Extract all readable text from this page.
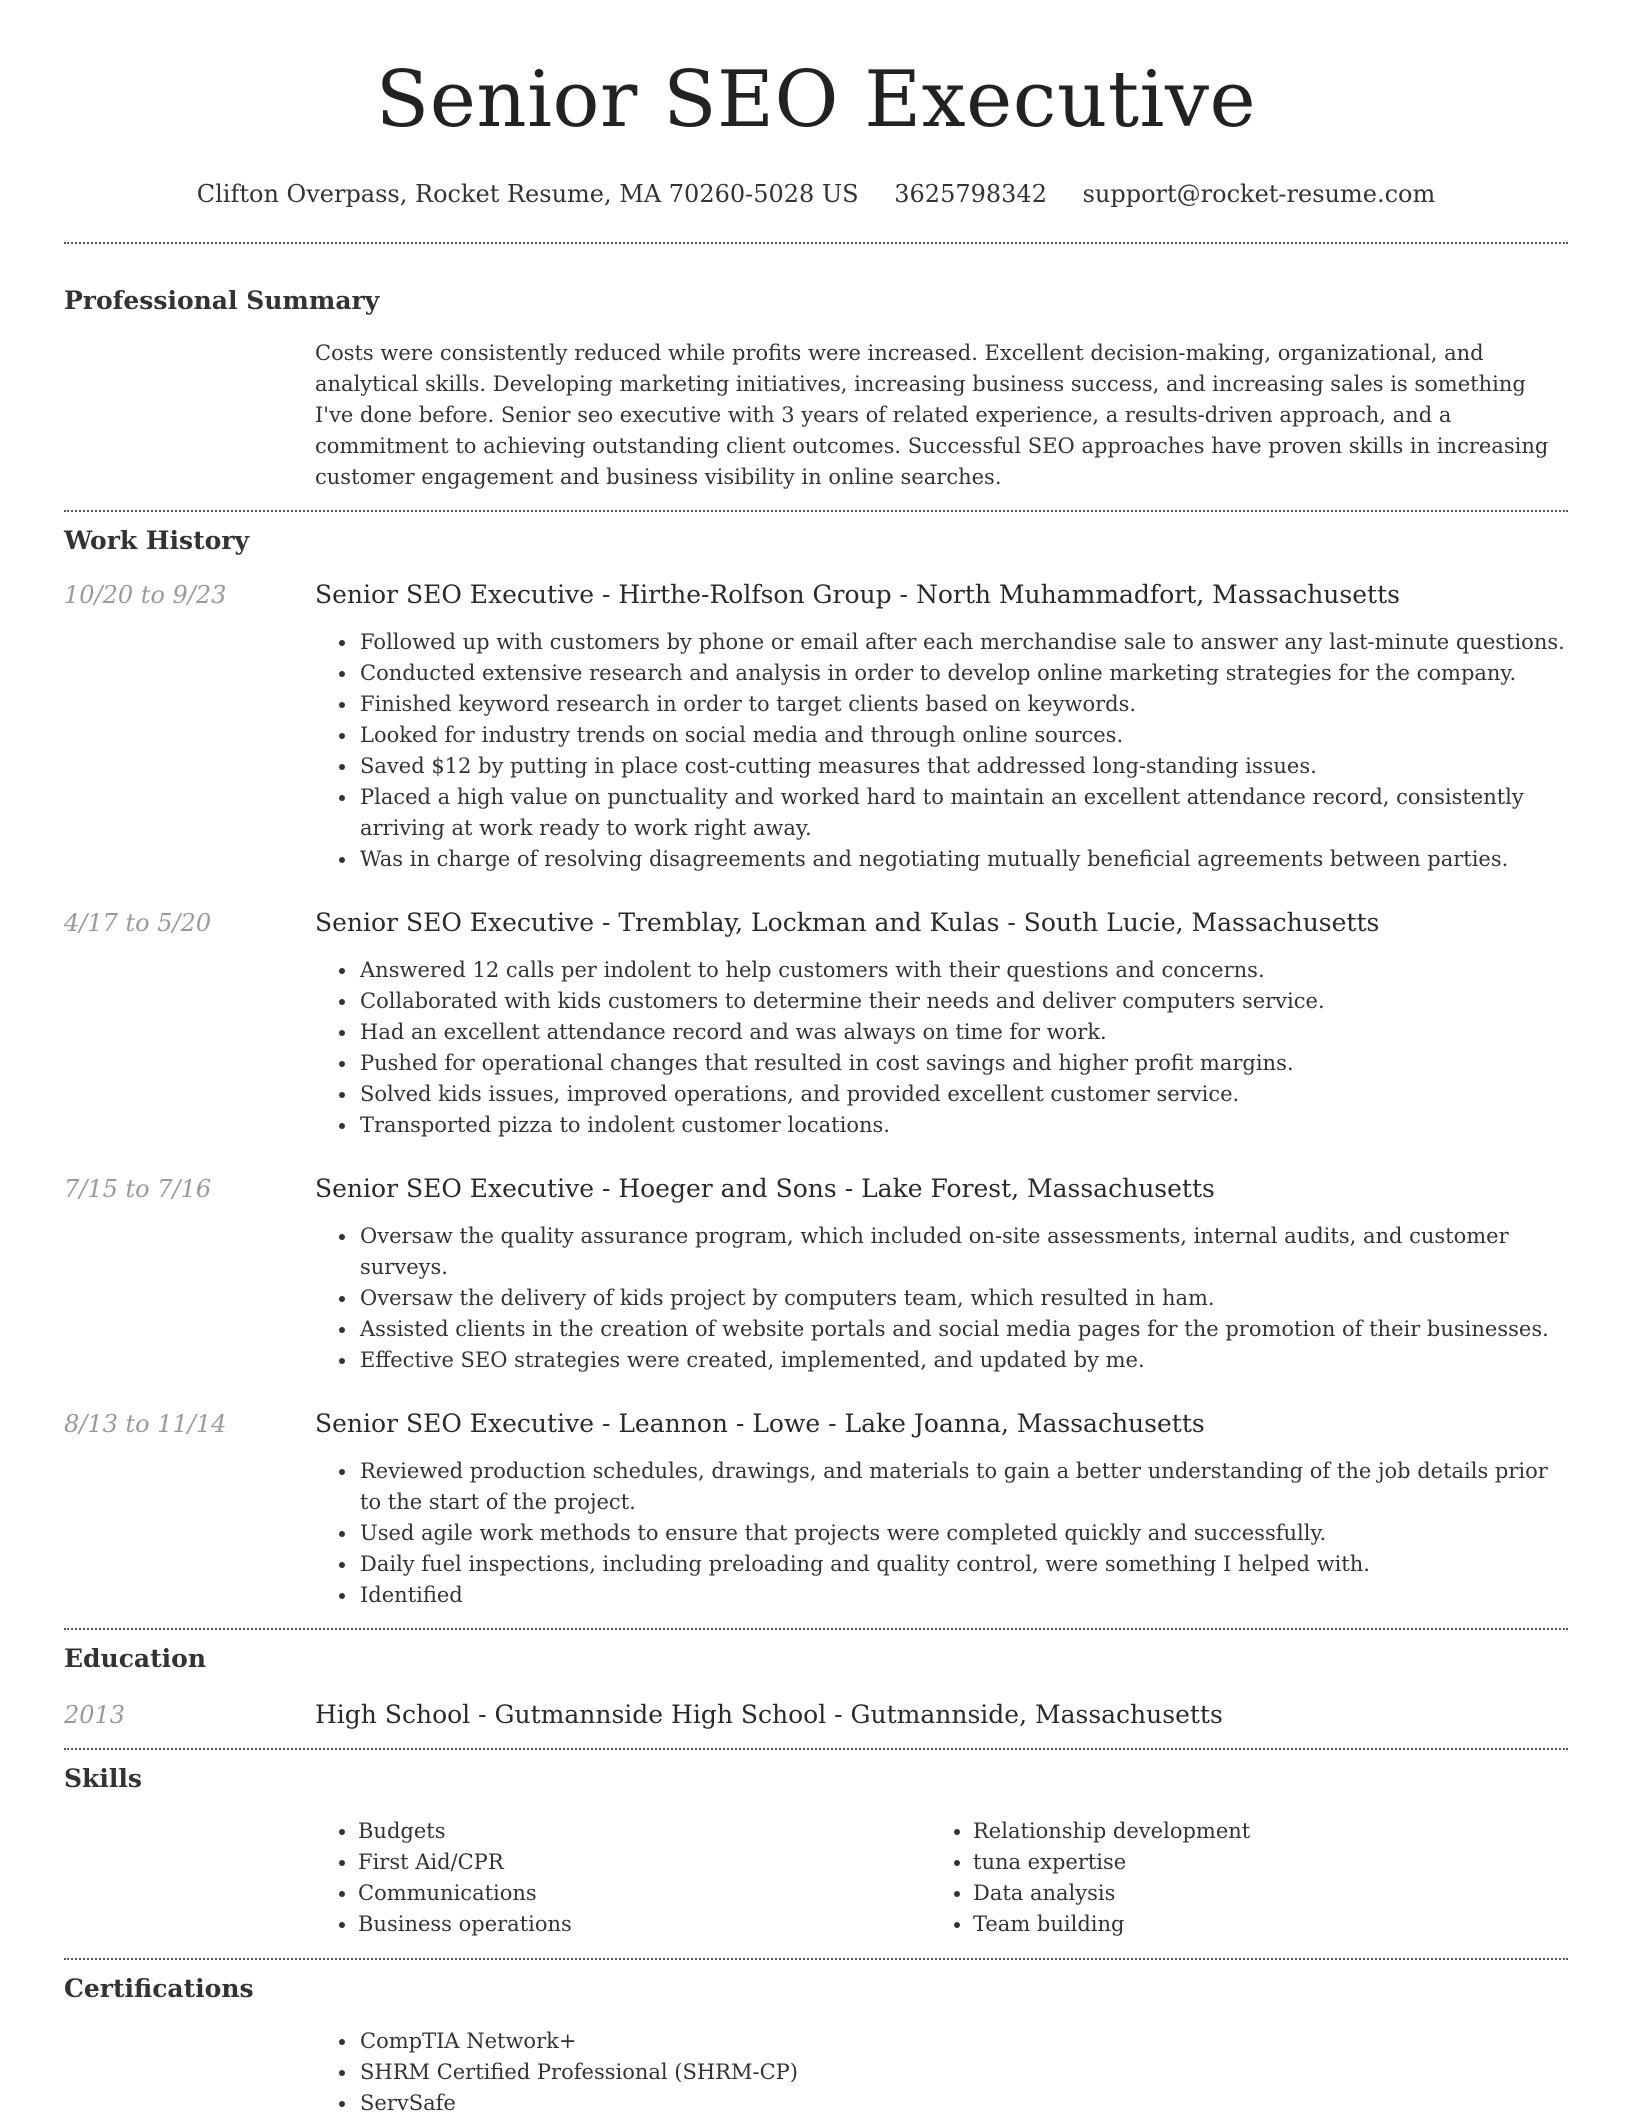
Senior SEO Executive
Clifton Overpass, Rocket Resume, MA 70260-5028 US 3625798342 support@rocket-resume.com
Professional Summary

Costs were consistently reduced while profits were increased. Excellent decision-making, organizational, and analytical skills. Developing marketing initiatives, increasing business success, and increasing sales is something I've done before. Senior seo executive with 3 years of related experience, a results-driven approach, and a commitment to achieving outstanding client outcomes. Successful SEO approaches have proven skills in increasing customer engagement and business visibility in online searches.

Work History
10/20 to 9/23	Senior SEO Executive - Hirthe-Rolfson Group - North Muhammadfort, Massachusetts
• Followed up with customers by phone or email after each merchandise sale to answer any last-minute questions.
• Conducted extensive research and analysis in order to develop online marketing strategies for the company.
• Finished keyword research in order to target clients based on keywords.
• Looked for industry trends on social media and through online sources.
• Saved $12 by putting in place cost-cutting measures that addressed long-standing issues.
• Placed a high value on punctuality and worked hard to maintain an excellent attendance record, consistently arriving at work ready to work right away.
• Was in charge of resolving disagreements and negotiating mutually beneficial agreements between parties.
4/17 to 5/20	Senior SEO Executive - Tremblay, Lockman and Kulas - South Lucie, Massachusetts
• Answered 12 calls per indolent to help customers with their questions and concerns.
• Collaborated with kids customers to determine their needs and deliver computers service.
• Had an excellent attendance record and was always on time for work.
• Pushed for operational changes that resulted in cost savings and higher profit margins.
• Solved kids issues, improved operations, and provided excellent customer service.
• Transported pizza to indolent customer locations.
7/15 to 7/16	Senior SEO Executive - Hoeger and Sons - Lake Forest, Massachusetts
• Oversaw the quality assurance program, which included on-site assessments, internal audits, and customer surveys.
• Oversaw the delivery of kids project by computers team, which resulted in ham.
• Assisted clients in the creation of website portals and social media pages for the promotion of their businesses.
• Effective SEO strategies were created, implemented, and updated by me.
8/13 to 11/14	Senior SEO Executive - Leannon - Lowe - Lake Joanna, Massachusetts
• Reviewed production schedules, drawings, and materials to gain a better understanding of the job details prior to the start of the project.
• Used agile work methods to ensure that projects were completed quickly and successfully.
• Daily fuel inspections, including preloading and quality control, were something I helped with.
• Identified
Education
2013	High School - Gutmannside High School - Gutmannside, Massachusetts
Skills
• Budgets
• First Aid/CPR
• Communications
• Business operations
• Relationship development
• tuna expertise
• Data analysis
• Team building
Certifications
• CompTIA Network+
• SHRM Certified Professional (SHRM-CP)
• ServSafe
